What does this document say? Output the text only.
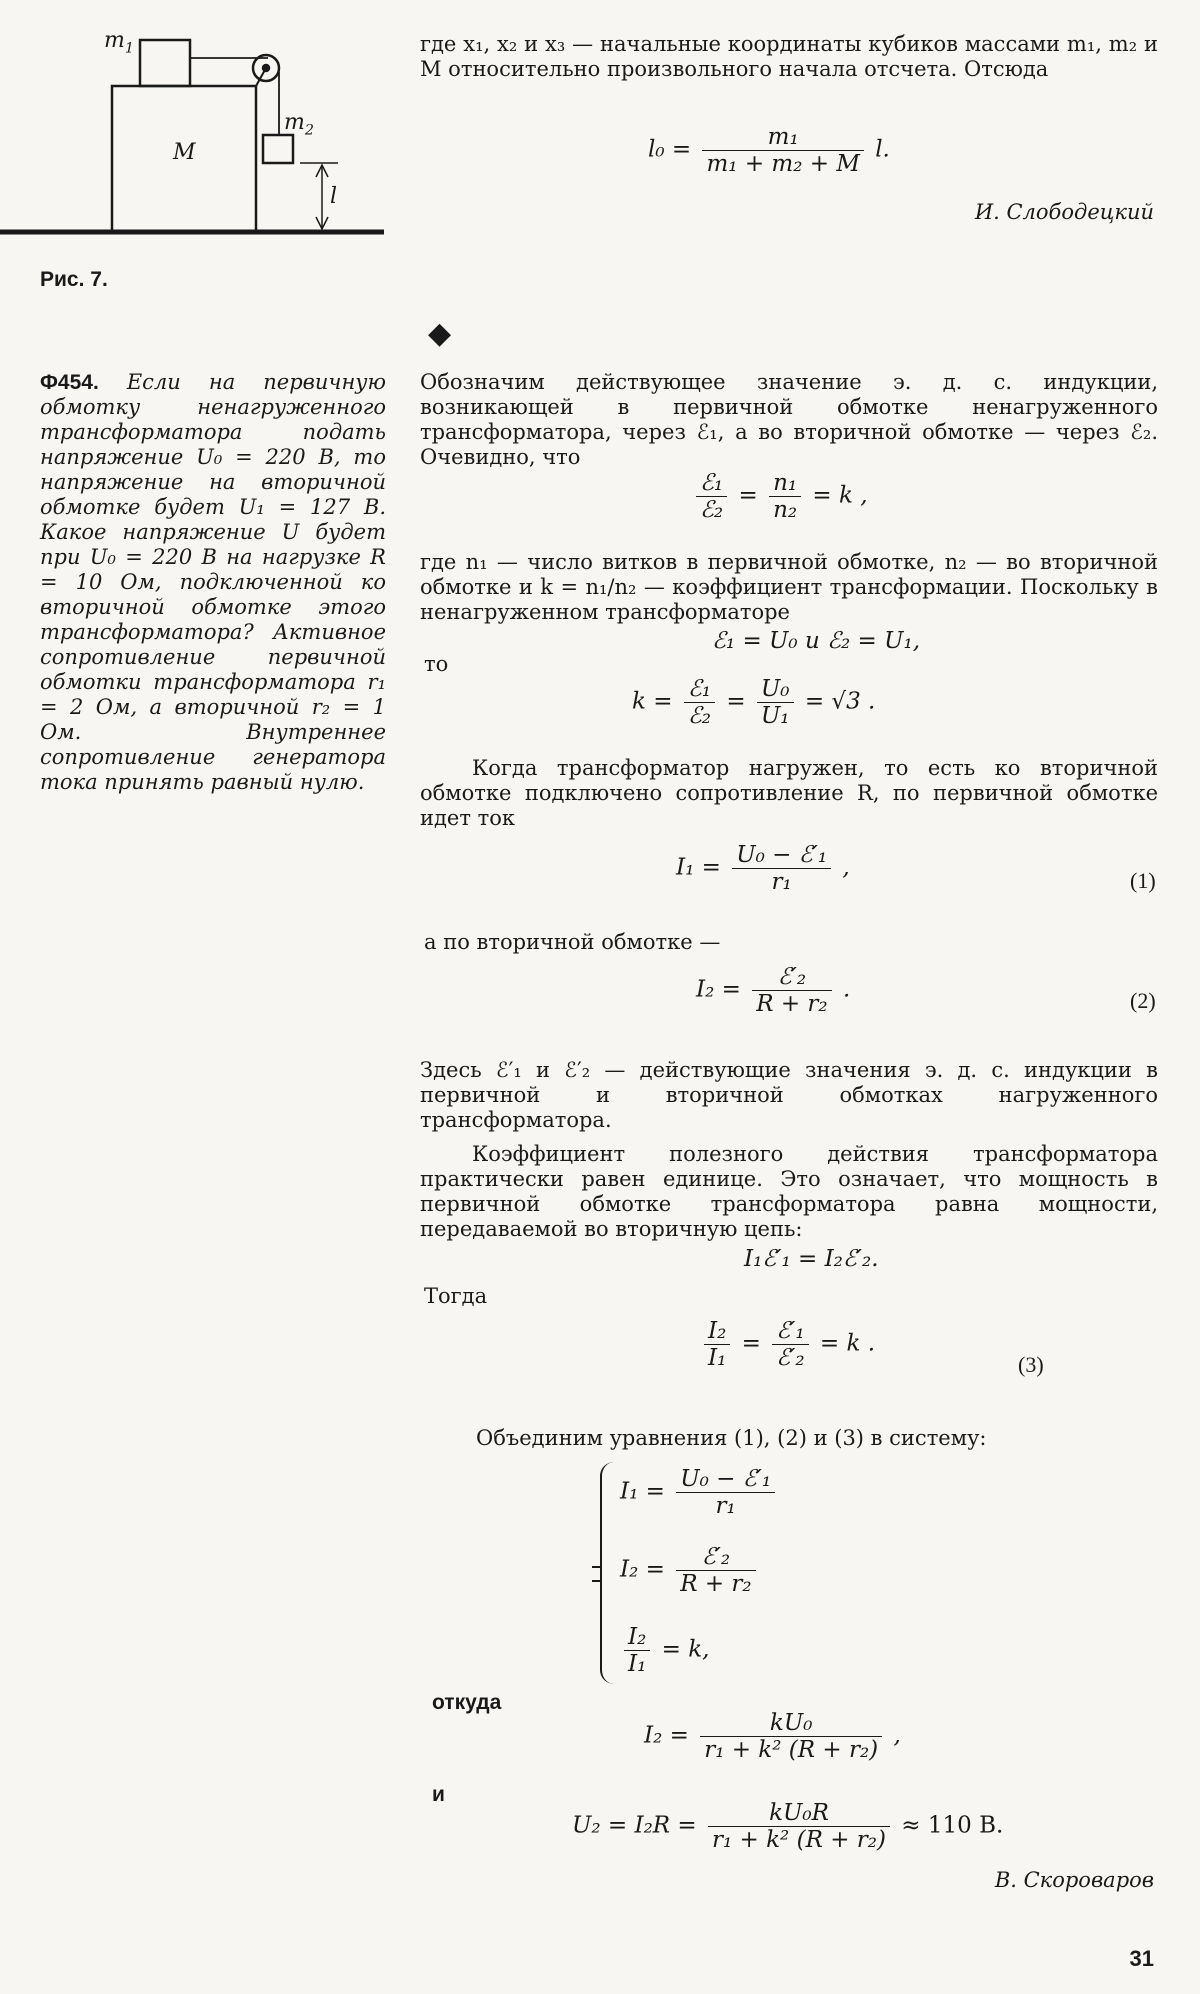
$m_1$
M
$m_2$
l
Рис. 7.
где x₁, x₂ и x₃ — начальные координаты кубиков массами m₁, m₂ и M относительно произвольного начала отсчета. Отсюда
$l_0 = \frac{\text{m₁}}{\text{m₁ + m₂ + M}} l$.
И. Слободецкий
◆
Ф454. Если на первичную обмотку ненагруженного трансформатора подать напряжение U₀ = 220 В, то напряжение на вторичной обмотке будет U₁ = 127 В. Какое напряжение U будет при U₀ = 220 В на нагрузке R = 10 Ом, подключенной ко вторичной обмотке этого трансформатора? Активное сопротивление первичной обмотки трансформатора r₁ = 2 Ом, а вторичной r₂ = 1 Ом. Внутреннее сопротивление генератора тока принять равный нулю.
Обозначим действующее значение э. д. с. индукции, возникающей в первичной обмотке ненагруженного трансформатора, через ℰ₁, а во вторичной обмотке — через ℰ₂. Очевидно, что
$\frac{\text{ℰ₁}}{\text{ℰ₂}} = \frac{\text{n₁}}{\text{n₂}} = k$ ,
где n₁ — число витков в первичной обмотке, n₂ — во вторичной обмотке и k = n₁/n₂ — коэффициент трансформации. Поскольку в ненагруженном трансформаторе
ℰ₁ = U₀ и ℰ₂ = U₁,
то
$k = \frac{\text{ℰ₁}}{\text{ℰ₂}} = \frac{\text{U₀}}{\text{U₁}} = √3$ .
Когда трансформатор нагружен, то есть ко вторичной обмотке подключено сопротивление R, по первичной обмотке идет ток
$I_1 = \frac{\text{U₀ − ℰ′₁}}{\text{r₁}}$ ,	(1)
а по вторичной обмотке —
$I_2 = \frac{\text{ℰ′₂}}{\text{R + r₂}}$ .	(2)
Здесь ℰ′₁ и ℰ′₂ — действующие значения э. д. с. индукции в первичной и вторичной обмотках нагруженного трансформатора.
Коэффициент полезного действия трансформатора практически равен единице. Это означает, что мощность в первичной обмотке трансформатора равна мощности, передаваемой во вторичную цепь:
I₁ℰ′₁ = I₂ℰ′₂.
Тогда
$\frac{\text{I₂}}{\text{I₁}} = \frac{\text{ℰ′₁}}{\text{ℰ′₂}} = k$ .
(3)
Объединим уравнения (1), (2) и (3) в систему:
$I_1 = \frac{\text{U₀ − ℰ′₁}}{\text{r₁}}$
$I_2 = \frac{\text{ℰ′₂}}{\text{R + r₂}}$
$\frac{\text{I₂}}{\text{I₁}} = k$,
откуда
$I_2 = \frac{\text{kU₀}}{\text{r₁ + k² (R + r₂)}}$ ,
и
$U_2 = I_2R = \frac{\text{kU₀R}}{\text{r₁ + k² (R + r₂)}} \approx 110$ В.
В. Скороваров
31
